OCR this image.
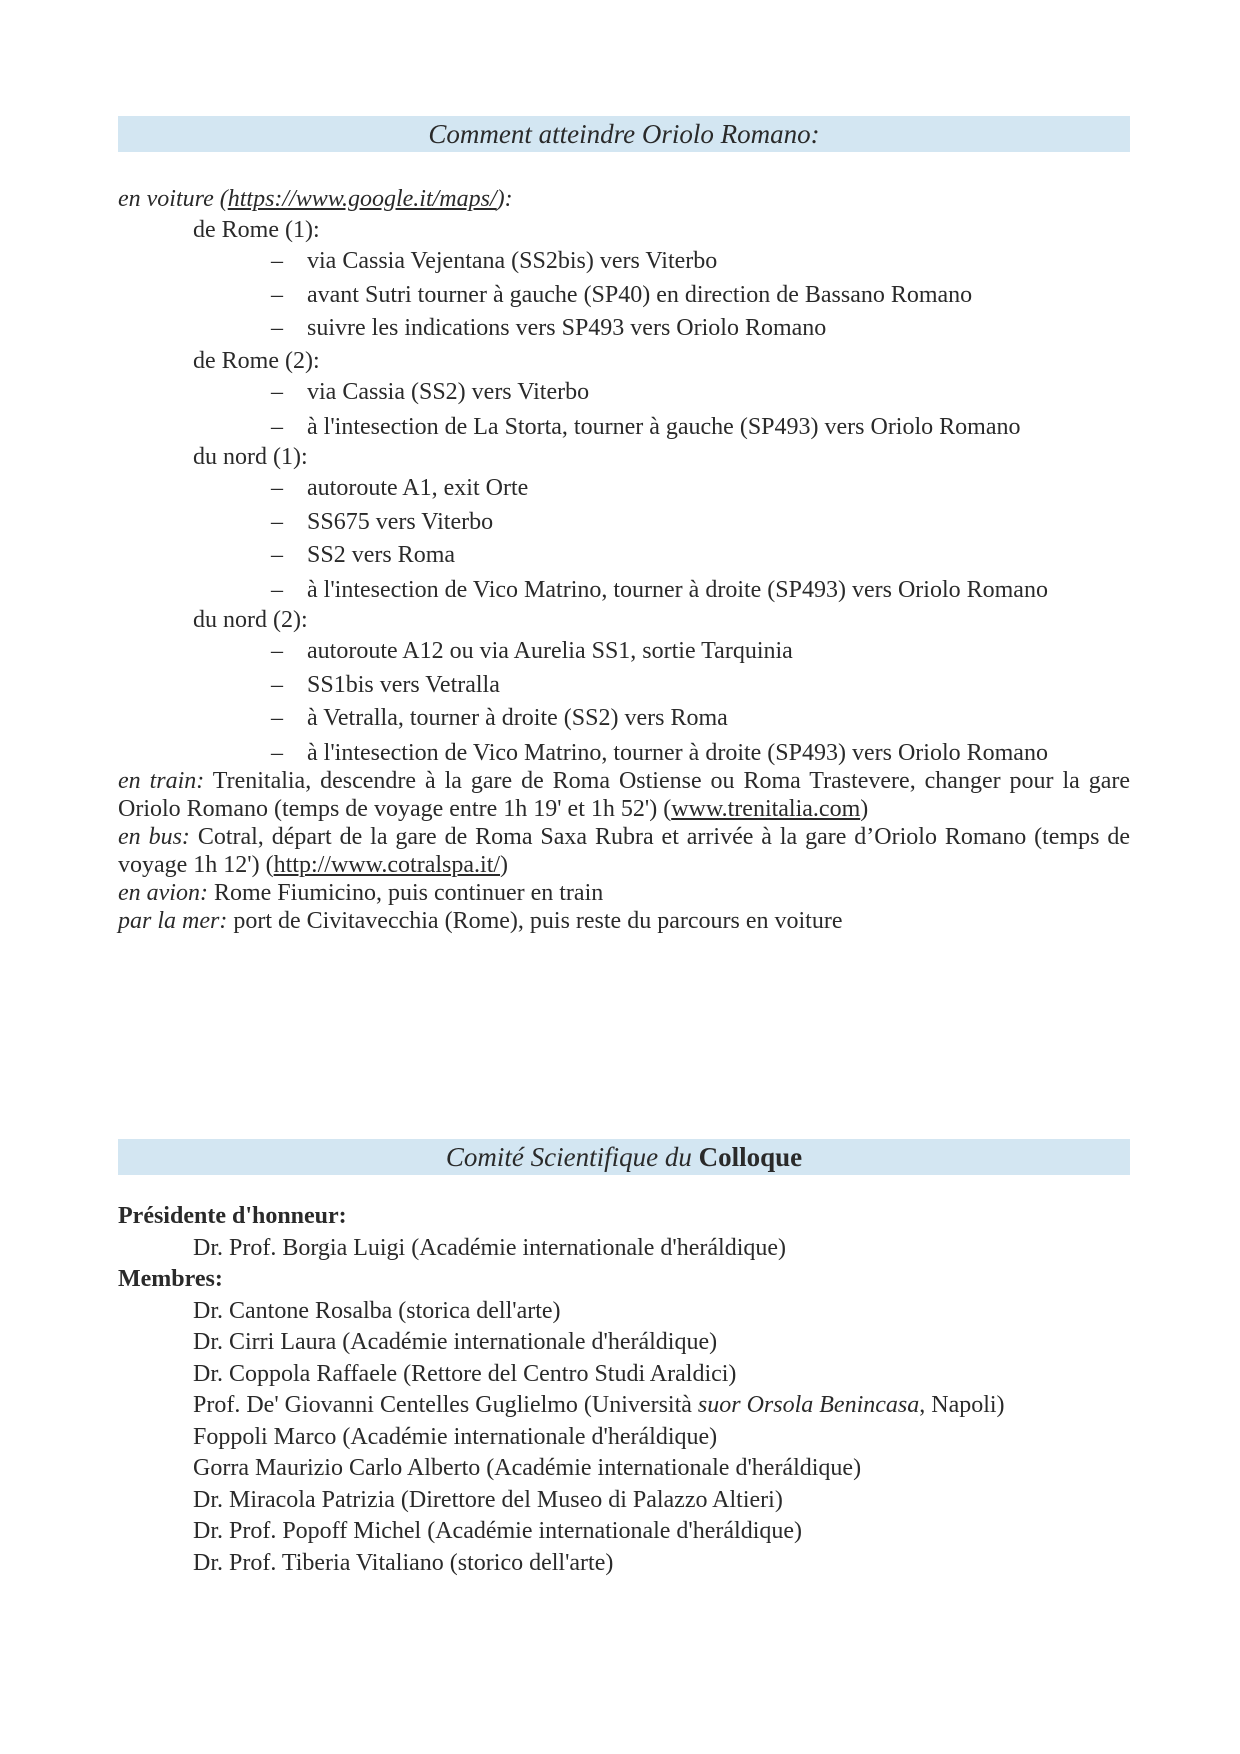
Comment atteindre Oriolo Romano:
en voiture (https://www.google.it/maps/):
de Rome (1):
– via Cassia Vejentana (SS2bis) vers Viterbo
– avant Sutri tourner à gauche (SP40) en direction de Bassano Romano
– suivre les indications vers SP493 vers Oriolo Romano
de Rome (2):
– via Cassia (SS2) vers Viterbo
– à l'intesection de La Storta, tourner à gauche (SP493) vers Oriolo Romano
du nord (1):
– autoroute A1, exit Orte
– SS675 vers Viterbo
– SS2 vers Roma
– à l'intesection de Vico Matrino, tourner à droite (SP493) vers Oriolo Romano
du nord (2):
– autoroute A12 ou via Aurelia SS1, sortie Tarquinia
– SS1bis vers Vetralla
– à Vetralla, tourner à droite (SS2) vers Roma
– à l'intesection de Vico Matrino, tourner à droite (SP493) vers Oriolo Romano
en train: Trenitalia, descendre à la gare de Roma Ostiense ou Roma Trastevere, changer pour la gare Oriolo Romano (temps de voyage entre 1h 19' et 1h 52') (www.trenitalia.com)
en bus: Cotral, départ de la gare de Roma Saxa Rubra et arrivée à la gare d’Oriolo Romano (temps de voyage 1h 12') (http://www.cotralspa.it/)
en avion: Rome Fiumicino, puis continuer en train
par la mer: port de Civitavecchia (Rome), puis reste du parcours en voiture
Comité Scientifique du Colloque
Présidente d'honneur:
Dr. Prof. Borgia Luigi (Académie internationale d'heráldique)
Membres:
Dr. Cantone Rosalba (storica dell'arte)
Dr. Cirri Laura (Académie internationale d'heráldique)
Dr. Coppola Raffaele (Rettore del Centro Studi Araldici)
Prof. De' Giovanni Centelles Guglielmo (Università suor Orsola Benincasa, Napoli)
Foppoli Marco (Académie internationale d'heráldique)
Gorra Maurizio Carlo Alberto (Académie internationale d'heráldique)
Dr. Miracola Patrizia (Direttore del Museo di Palazzo Altieri)
Dr. Prof. Popoff Michel (Académie internationale d'heráldique)
Dr. Prof. Tiberia Vitaliano (storico dell'arte)
